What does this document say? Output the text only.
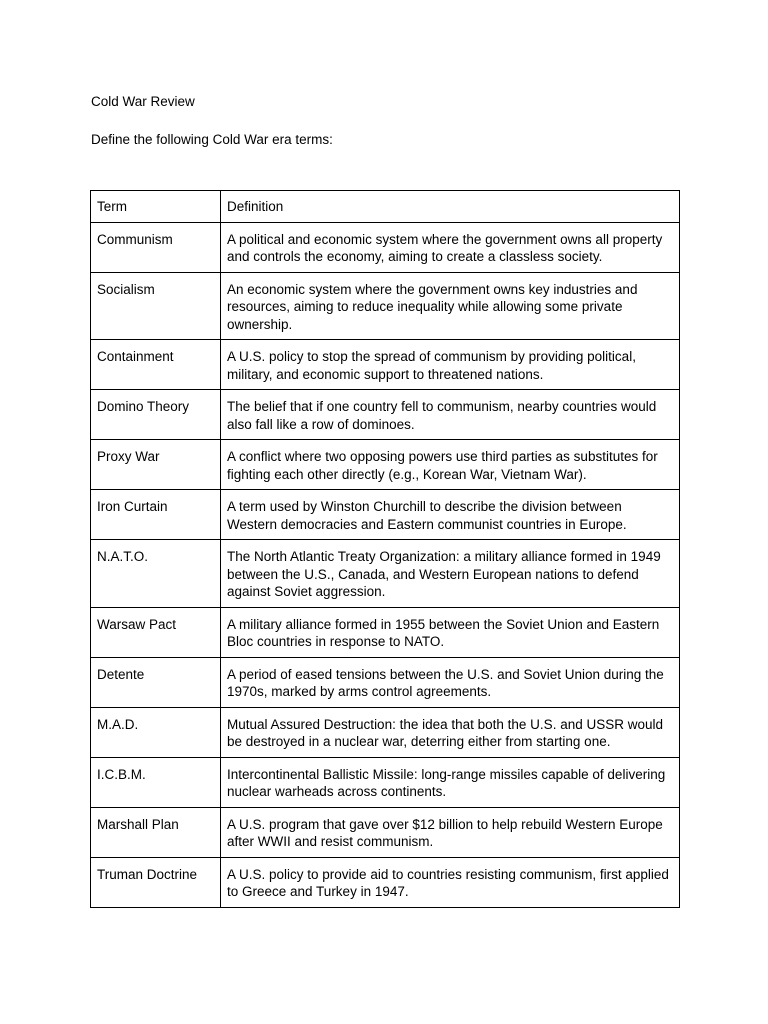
Cold War Review
Define the following Cold War era terms:
Term	Definition
Communism	A political and economic system where the government owns all property and controls the economy, aiming to create a classless society.
Socialism	An economic system where the government owns key industries and resources, aiming to reduce inequality while allowing some private ownership.
Containment	A U.S. policy to stop the spread of communism by providing political, military, and economic support to threatened nations.
Domino Theory	The belief that if one country fell to communism, nearby countries would also fall like a row of dominoes.
Proxy War	A conflict where two opposing powers use third parties as substitutes for fighting each other directly (e.g., Korean War, Vietnam War).
Iron Curtain	A term used by Winston Churchill to describe the division between Western democracies and Eastern communist countries in Europe.
N.A.T.O.	The North Atlantic Treaty Organization: a military alliance formed in 1949 between the U.S., Canada, and Western European nations to defend against Soviet aggression.
Warsaw Pact	A military alliance formed in 1955 between the Soviet Union and Eastern Bloc countries in response to NATO.
Detente	A period of eased tensions between the U.S. and Soviet Union during the 1970s, marked by arms control agreements.
M.A.D.	Mutual Assured Destruction: the idea that both the U.S. and USSR would be destroyed in a nuclear war, deterring either from starting one.
I.C.B.M.	Intercontinental Ballistic Missile: long-range missiles capable of delivering nuclear warheads across continents.
Marshall Plan	A U.S. program that gave over $12 billion to help rebuild Western Europe after WWII and resist communism.
Truman Doctrine	A U.S. policy to provide aid to countries resisting communism, first applied to Greece and Turkey in 1947.
